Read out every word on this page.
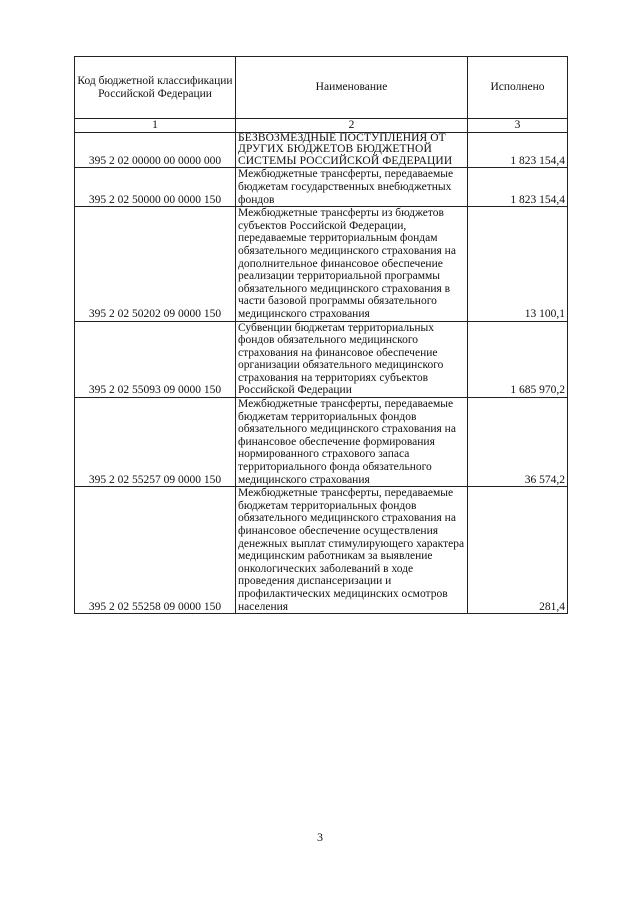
Код бюджетной классификации Российской Федерации	Наименование	Исполнено
1	2	3
395 2 02 00000 00 0000 000	БЕЗВОЗМЕЗДНЫЕ ПОСТУПЛЕНИЯ ОТ ДРУГИХ БЮДЖЕТОВ БЮДЖЕТНОЙ СИСТЕМЫ РОССИЙСКОЙ ФЕДЕРАЦИИ	1 823 154,4
395 2 02 50000 00 0000 150	Межбюджетные трансферты, передаваемые бюджетам государственных внебюджетных фондов	1 823 154,4
395 2 02 50202 09 0000 150	Межбюджетные трансферты из бюджетов субъектов Российской Федерации, передаваемые территориальным фондам обязательного медицинского страхования на дополнительное финансовое обеспечение реализации территориальной программы обязательного медицинского страхования в части базовой программы обязательного медицинского страхования	13 100,1
395 2 02 55093 09 0000 150	Субвенции бюджетам территориальных фондов обязательного медицинского страхования на финансовое обеспечение организации обязательного медицинского страхования на территориях субъектов Российской Федерации	1 685 970,2
395 2 02 55257 09 0000 150	Межбюджетные трансферты, передаваемые бюджетам территориальных фондов обязательного медицинского страхования на финансовое обеспечение формирования нормированного страхового запаса территориального фонда обязательного медицинского страхования	36 574,2
395 2 02 55258 09 0000 150	Межбюджетные трансферты, передаваемые бюджетам территориальных фондов обязательного медицинского страхования на финансовое обеспечение осуществления денежных выплат стимулирующего характера медицинским работникам за выявление онкологических заболеваний в ходе проведения диспансеризации и профилактических медицинских осмотров населения	281,4
3
